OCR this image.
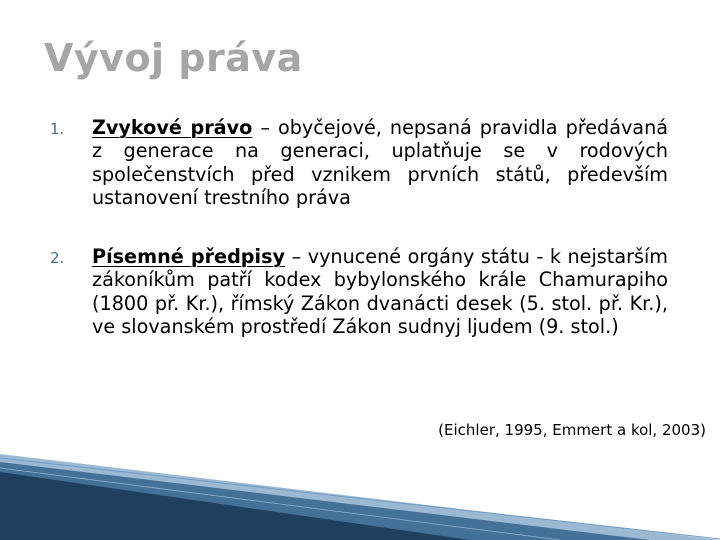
Vývoj práva
1. Zvykové právo – obyčejové, nepsaná pravidla předávaná z generace na generaci, uplatňuje se v rodových společenstvích před vznikem prvních států, především ustanovení trestního práva
2. Písemné předpisy – vynucené orgány státu - k nejstarším zákoníkům patří kodex bybylonského krále Chamurapiho (1800 př. Kr.), římský Zákon dvanácti desek (5. stol. př. Kr.), ve slovanském prostředí Zákon sudnyj ljudem (9. stol.)
(Eichler, 1995, Emmert a kol, 2003)
